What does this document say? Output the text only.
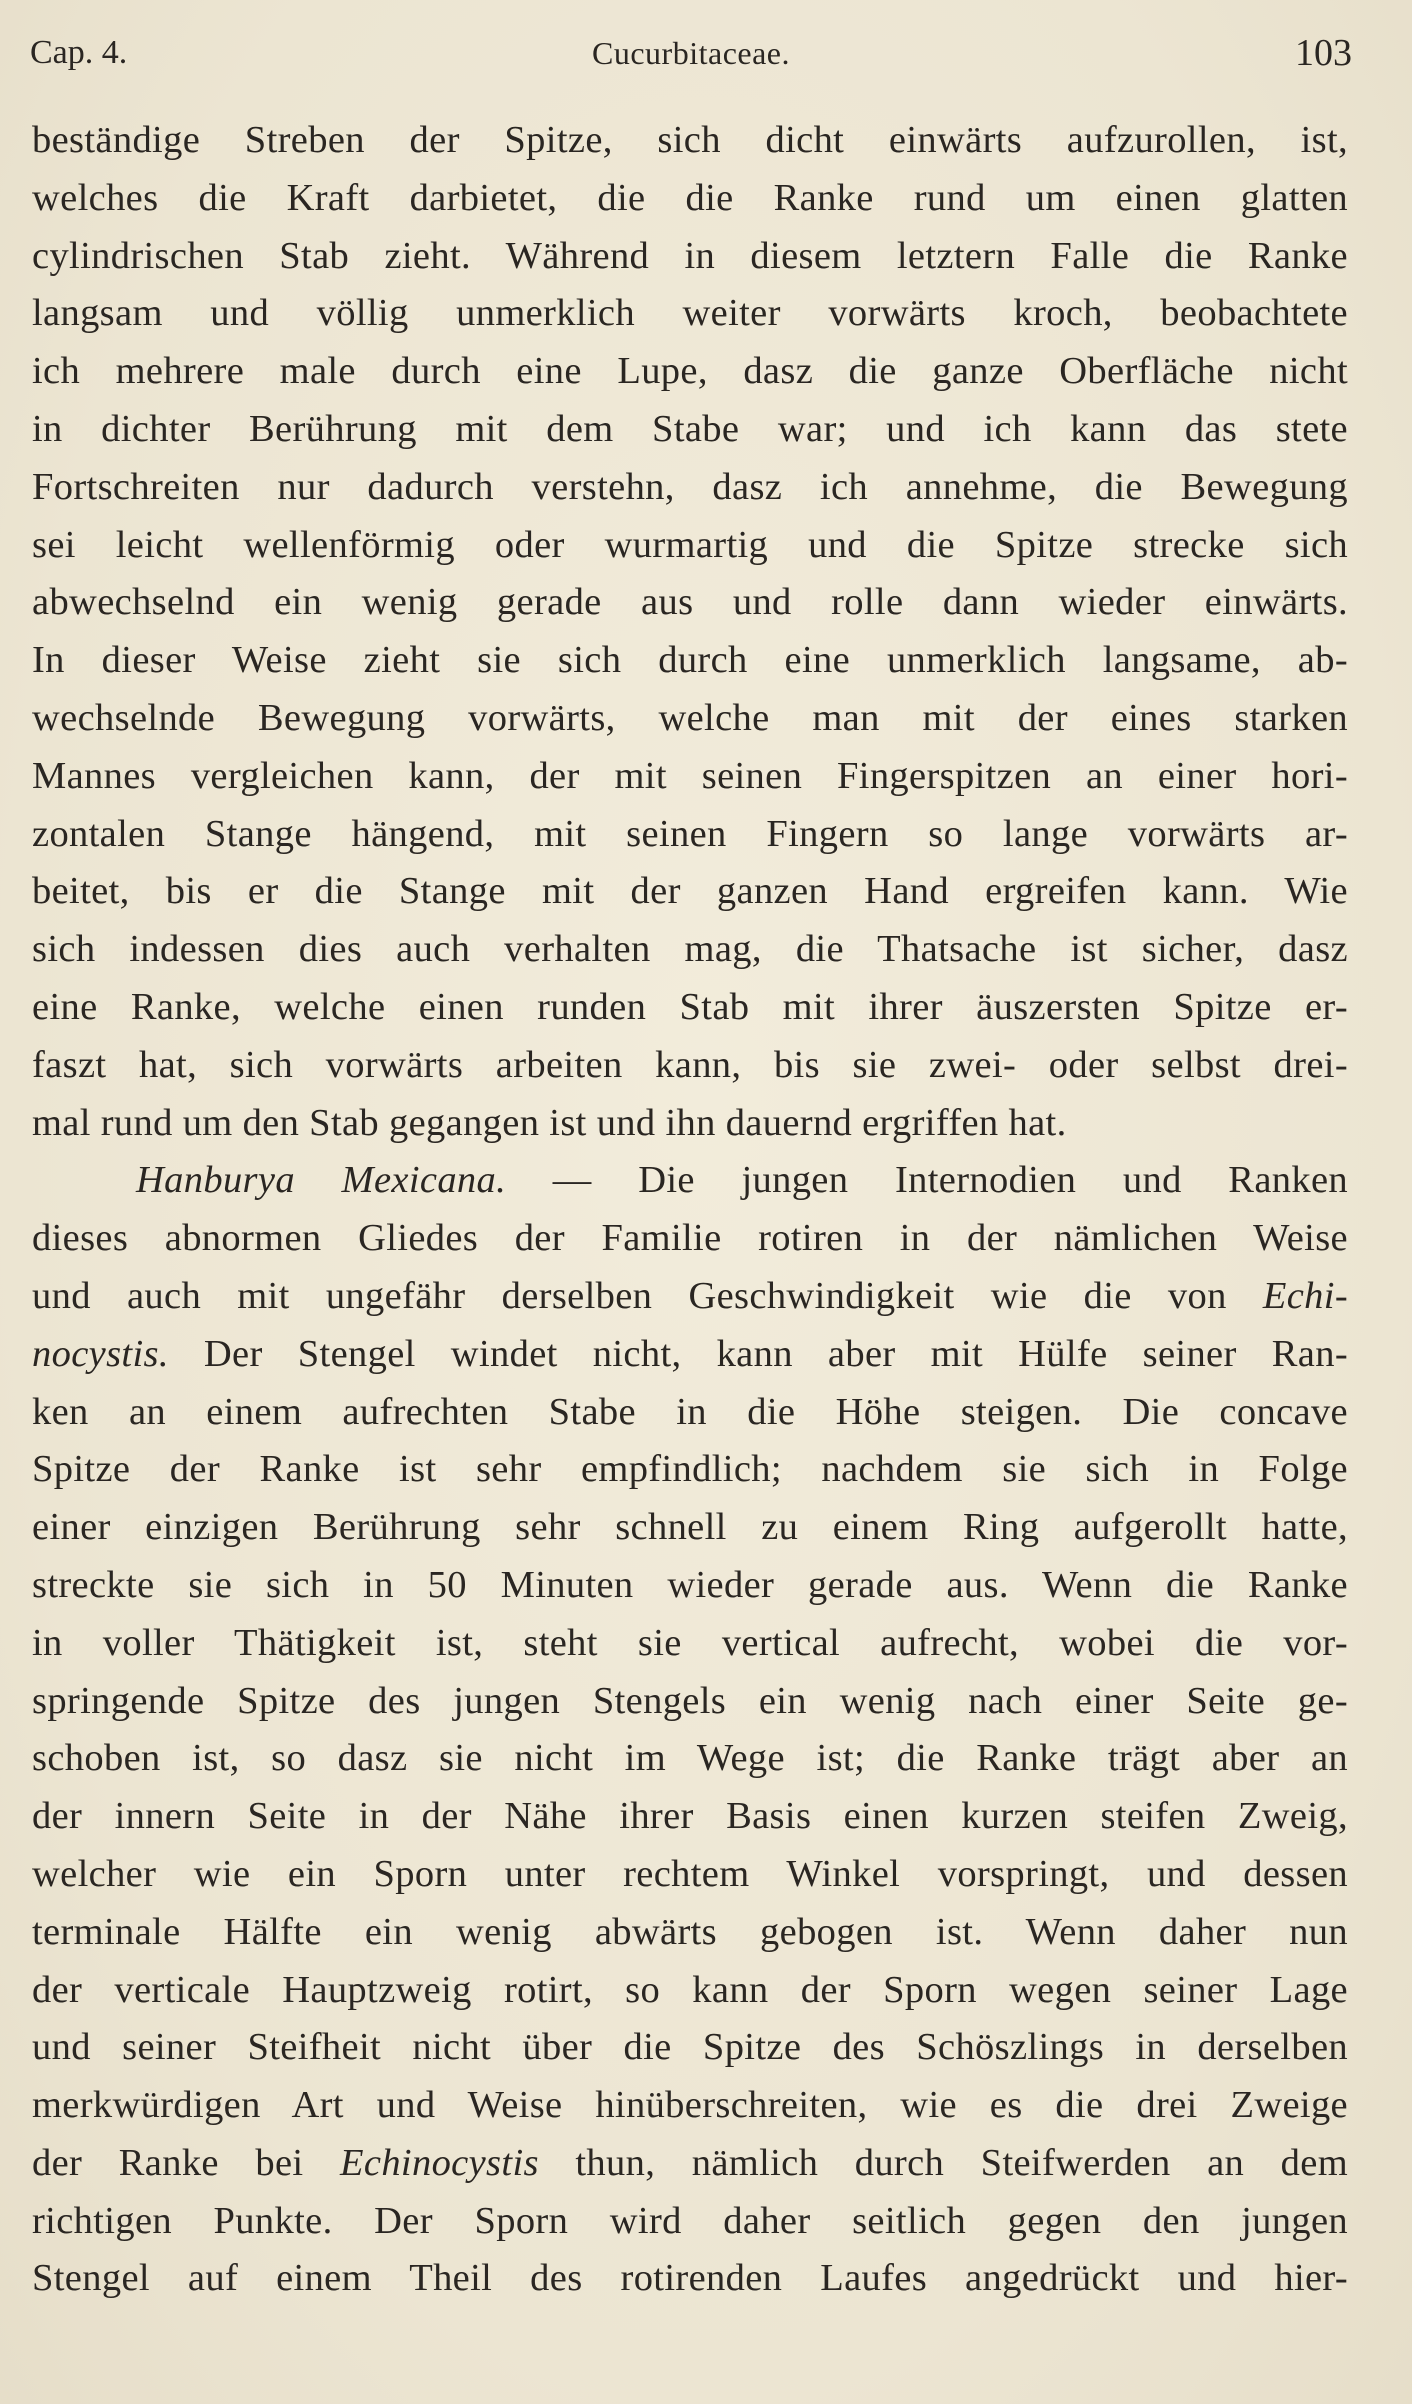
Cucurbitaceae.
Cap. 4.	103
beständige Streben der Spitze, sich dicht einwärts aufzurollen, ist,
welches die Kraft darbietet, die die Ranke rund um einen glatten
cylindrischen Stab zieht. Während in diesem letztern Falle die Ranke
langsam und völlig unmerklich weiter vorwärts kroch, beobachtete
ich mehrere male durch eine Lupe, dasz die ganze Oberfläche nicht
in dichter Berührung mit dem Stabe war; und ich kann das stete
Fortschreiten nur dadurch verstehn, dasz ich annehme, die Bewegung
sei leicht wellenförmig oder wurmartig und die Spitze strecke sich
abwechselnd ein wenig gerade aus und rolle dann wieder einwärts.
In dieser Weise zieht sie sich durch eine unmerklich langsame, ab-
wechselnde Bewegung vorwärts, welche man mit der eines starken
Mannes vergleichen kann, der mit seinen Fingerspitzen an einer hori-
zontalen Stange hängend, mit seinen Fingern so lange vorwärts ar-
beitet, bis er die Stange mit der ganzen Hand ergreifen kann. Wie
sich indessen dies auch verhalten mag, die Thatsache ist sicher, dasz
eine Ranke, welche einen runden Stab mit ihrer äuszersten Spitze er-
faszt hat, sich vorwärts arbeiten kann, bis sie zwei- oder selbst drei-
mal rund um den Stab gegangen ist und ihn dauernd ergriffen hat.
Hanburya Mexicana. — Die jungen Internodien und Ranken
dieses abnormen Gliedes der Familie rotiren in der nämlichen Weise
und auch mit ungefähr derselben Geschwindigkeit wie die von Echi-
nocystis. Der Stengel windet nicht, kann aber mit Hülfe seiner Ran-
ken an einem aufrechten Stabe in die Höhe steigen. Die concave
Spitze der Ranke ist sehr empfindlich; nachdem sie sich in Folge
einer einzigen Berührung sehr schnell zu einem Ring aufgerollt hatte,
streckte sie sich in 50 Minuten wieder gerade aus. Wenn die Ranke
in voller Thätigkeit ist, steht sie vertical aufrecht, wobei die vor-
springende Spitze des jungen Stengels ein wenig nach einer Seite ge-
schoben ist, so dasz sie nicht im Wege ist; die Ranke trägt aber an
der innern Seite in der Nähe ihrer Basis einen kurzen steifen Zweig,
welcher wie ein Sporn unter rechtem Winkel vorspringt, und dessen
terminale Hälfte ein wenig abwärts gebogen ist. Wenn daher nun
der verticale Hauptzweig rotirt, so kann der Sporn wegen seiner Lage
und seiner Steifheit nicht über die Spitze des Schöszlings in derselben
merkwürdigen Art und Weise hinüberschreiten, wie es die drei Zweige
der Ranke bei Echinocystis thun, nämlich durch Steifwerden an dem
richtigen Punkte. Der Sporn wird daher seitlich gegen den jungen
Stengel auf einem Theil des rotirenden Laufes angedrückt und hier-
